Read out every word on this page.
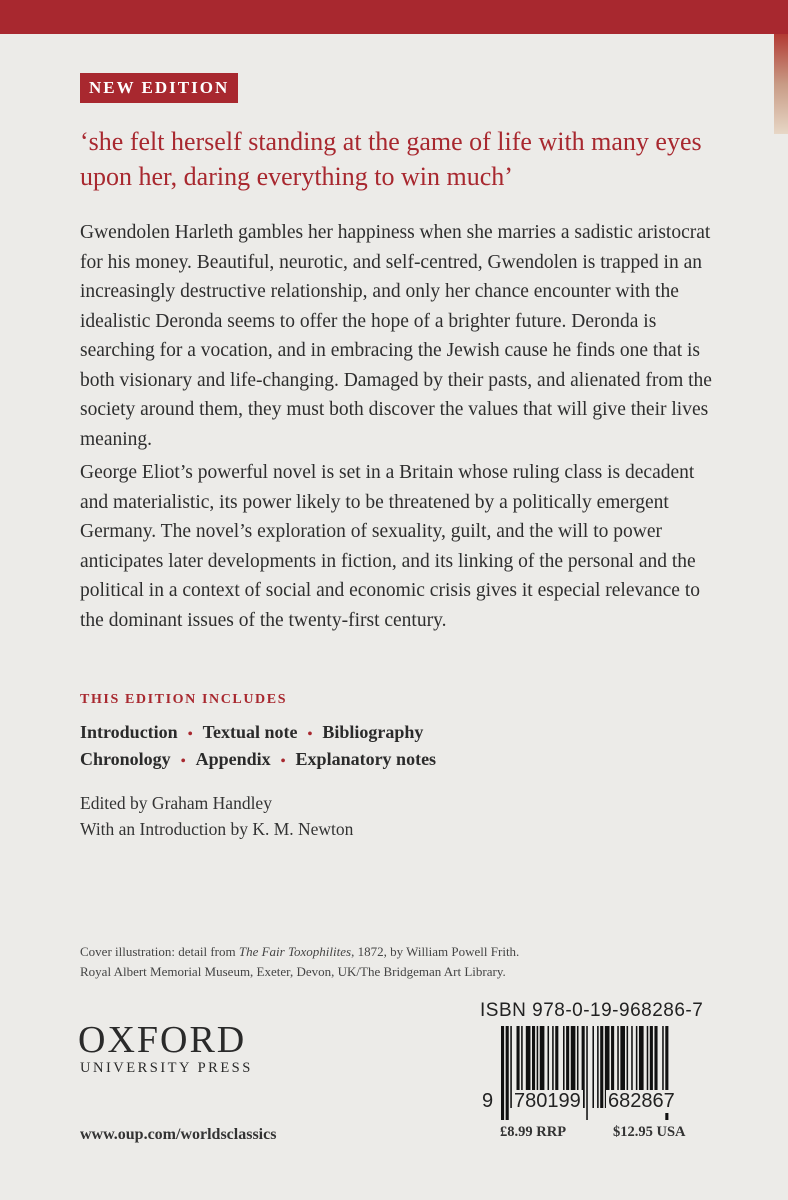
NEW EDITION
‘she felt herself standing at the game of life with many eyes upon her, daring everything to win much’

Gwendolen Harleth gambles her happiness when she marries a sadistic aristocrat for his money. Beautiful, neurotic, and self-centred, Gwendolen is trapped in an increasingly destructive relationship, and only her chance encounter with the idealistic Deronda seems to offer the hope of a brighter future. Deronda is searching for a vocation, and in embracing the Jewish cause he finds one that is both visionary and life-changing. Damaged by their pasts, and alienated from the society around them, they must both discover the values that will give their lives meaning.

George Eliot’s powerful novel is set in a Britain whose ruling class is decadent and materialistic, its power likely to be threatened by a politically emergent Germany. The novel’s exploration of sexuality, guilt, and the will to power anticipates later developments in fiction, and its linking of the personal and the political in a context of social and economic crisis gives it especial relevance to the dominant issues of the twenty-first century.

THIS EDITION INCLUDES
Introduction • Textual note • Bibliography
Chronology • Appendix • Explanatory notes
Edited by Graham Handley
With an Introduction by K. M. Newton
Cover illustration: detail from The Fair Toxophilites, 1872, by William Powell Frith.
Royal Albert Memorial Museum, Exeter, Devon, UK/The Bridgeman Art Library.
OXFORD
UNIVERSITY PRESS
www.oup.com/worldsclassics
ISBN 978-0-19-968286-7
9 780199 682867
£8.99 RRP	$12.95 USA
